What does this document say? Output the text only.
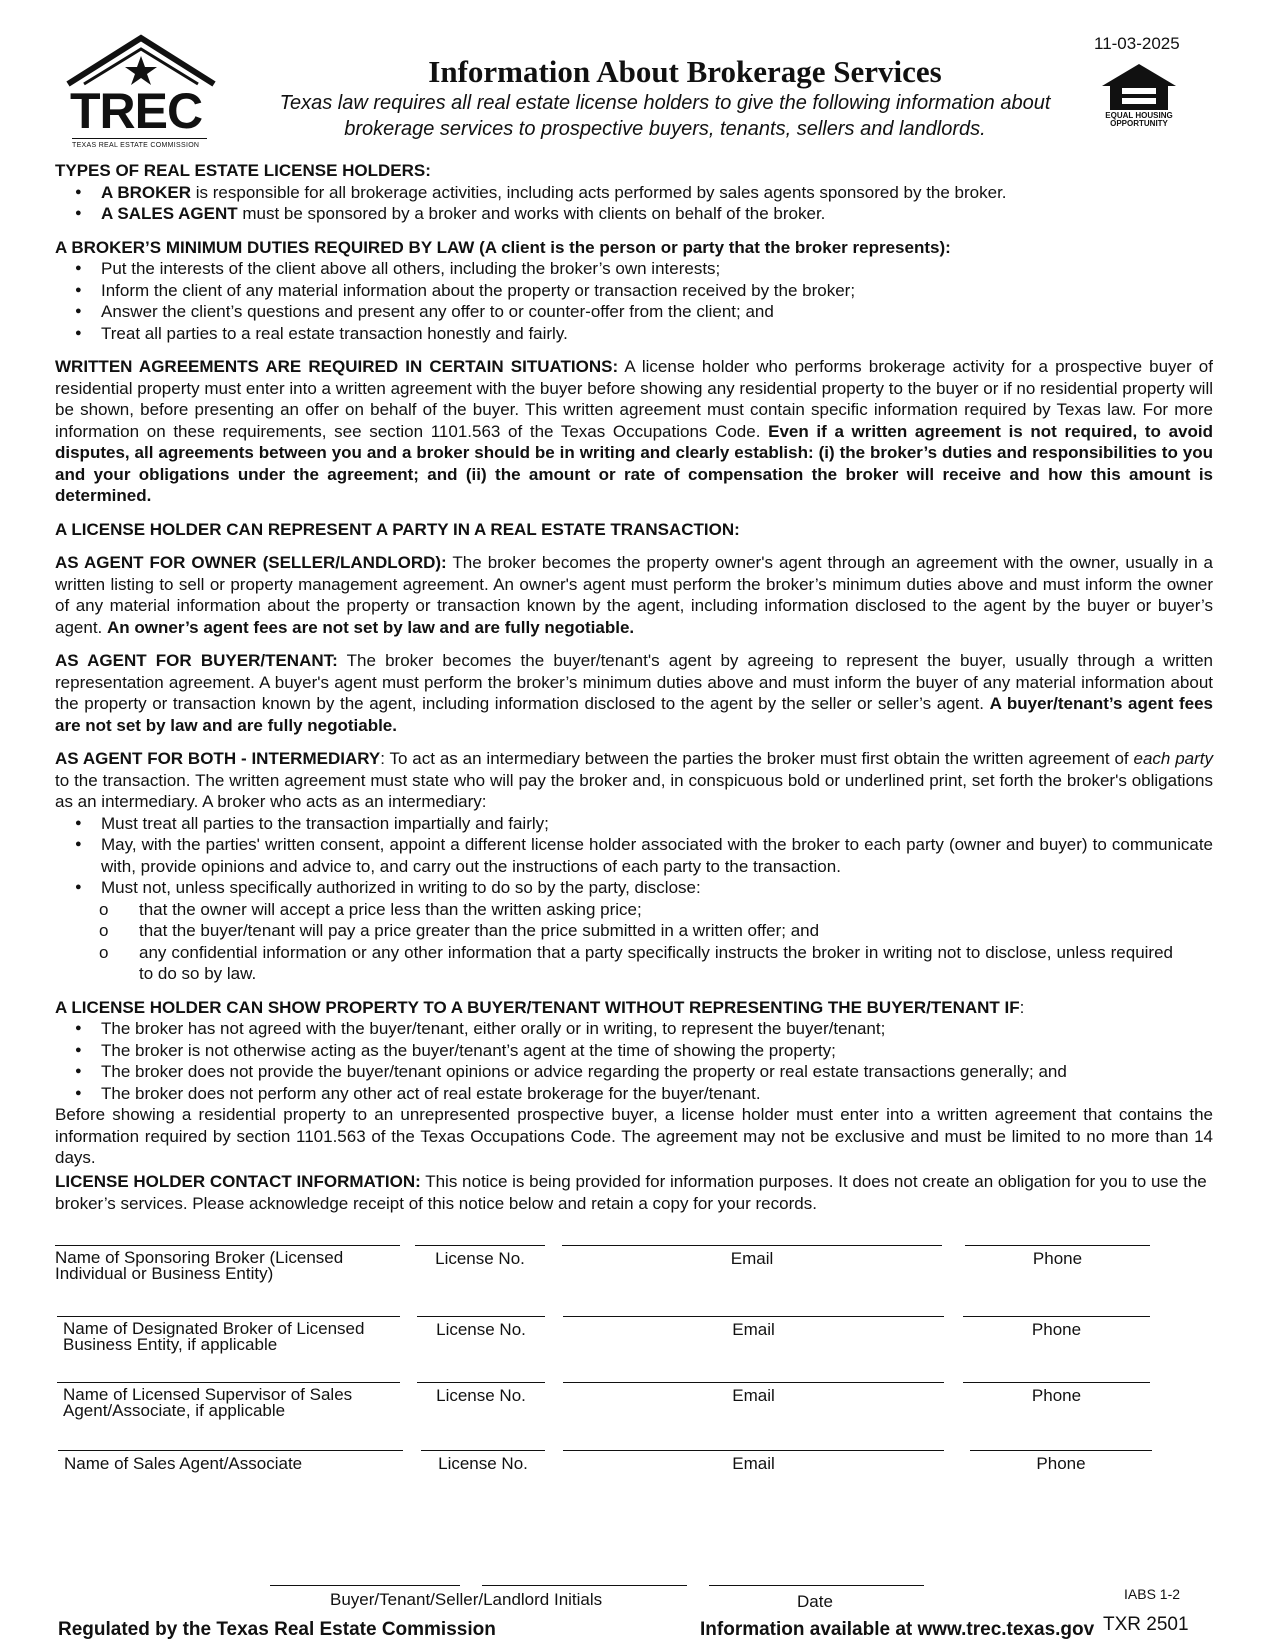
11-03-2025
TREC
TEXAS REAL ESTATE COMMISSION
Information About Brokerage Services
Texas law requires all real estate license holders to give the following information about
brokerage services to prospective buyers, tenants, sellers and landlords.
EQUAL HOUSING
OPPORTUNITY
TYPES OF REAL ESTATE LICENSE HOLDERS:
● A BROKER is responsible for all brokerage activities, including acts performed by sales agents sponsored by the broker.
● A SALES AGENT must be sponsored by a broker and works with clients on behalf of the broker.
A BROKER’S MINIMUM DUTIES REQUIRED BY LAW (A client is the person or party that the broker represents):
● Put the interests of the client above all others, including the broker’s own interests;
● Inform the client of any material information about the property or transaction received by the broker;
● Answer the client’s questions and present any offer to or counter-offer from the client; and
● Treat all parties to a real estate transaction honestly and fairly.
WRITTEN AGREEMENTS ARE REQUIRED IN CERTAIN SITUATIONS: A license holder who performs brokerage activity for a prospective buyer of residential property must enter into a written agreement with the buyer before showing any residential property to the buyer or if no residential property will be shown, before presenting an offer on behalf of the buyer. This written agreement must contain specific information required by Texas law. For more information on these requirements, see section 1101.563 of the Texas Occupations Code. Even if a written agreement is not required, to avoid disputes, all agreements between you and a broker should be in writing and clearly establish: (i) the broker’s duties and responsibilities to you and your obligations under the agreement; and (ii) the amount or rate of compensation the broker will receive and how this amount is determined.
A LICENSE HOLDER CAN REPRESENT A PARTY IN A REAL ESTATE TRANSACTION:
AS AGENT FOR OWNER (SELLER/LANDLORD): The broker becomes the property owner's agent through an agreement with the owner, usually in a written listing to sell or property management agreement. An owner's agent must perform the broker’s minimum duties above and must inform the owner of any material information about the property or transaction known by the agent, including information disclosed to the agent by the buyer or buyer’s agent. An owner’s agent fees are not set by law and are fully negotiable.
AS AGENT FOR BUYER/TENANT: The broker becomes the buyer/tenant's agent by agreeing to represent the buyer, usually through a written representation agreement. A buyer's agent must perform the broker’s minimum duties above and must inform the buyer of any material information about the property or transaction known by the agent, including information disclosed to the agent by the seller or seller’s agent. A buyer/tenant’s agent fees are not set by law and are fully negotiable.
AS AGENT FOR BOTH - INTERMEDIARY: To act as an intermediary between the parties the broker must first obtain the written agreement of each party to the transaction. The written agreement must state who will pay the broker and, in conspicuous bold or underlined print, set forth the broker's obligations as an intermediary. A broker who acts as an intermediary:
● Must treat all parties to the transaction impartially and fairly;
● May, with the parties' written consent, appoint a different license holder associated with the broker to each party (owner and buyer) to communicate with, provide opinions and advice to, and carry out the instructions of each party to the transaction.
● Must not, unless specifically authorized in writing to do so by the party, disclose:
o that the owner will accept a price less than the written asking price;
o that the buyer/tenant will pay a price greater than the price submitted in a written offer; and
o any confidential information or any other information that a party specifically instructs the broker in writing not to disclose, unless required to do so by law.
A LICENSE HOLDER CAN SHOW PROPERTY TO A BUYER/TENANT WITHOUT REPRESENTING THE BUYER/TENANT IF:
● The broker has not agreed with the buyer/tenant, either orally or in writing, to represent the buyer/tenant;
● The broker is not otherwise acting as the buyer/tenant’s agent at the time of showing the property;
● The broker does not provide the buyer/tenant opinions or advice regarding the property or real estate transactions generally; and
● The broker does not perform any other act of real estate brokerage for the buyer/tenant.
Before showing a residential property to an unrepresented prospective buyer, a license holder must enter into a written agreement that contains the information required by section 1101.563 of the Texas Occupations Code. The agreement may not be exclusive and must be limited to no more than 14 days.
LICENSE HOLDER CONTACT INFORMATION: This notice is being provided for information purposes. It does not create an obligation for you to use the broker’s services. Please acknowledge receipt of this notice below and retain a copy for your records.
Name of Sponsoring Broker (Licensed Individual or Business Entity)
License No.	Email	Phone
Name of Designated Broker of Licensed Business Entity, if applicable
License No.	Email	Phone
Name of Licensed Supervisor of Sales Agent/Associate, if applicable
License No.	Email	Phone
Name of Sales Agent/Associate	License No.	Email	Phone
Buyer/Tenant/Seller/Landlord Initials	Date	IABS 1-2
Regulated by the Texas Real Estate Commission	Information available at www.trec.texas.gov TXR 2501
